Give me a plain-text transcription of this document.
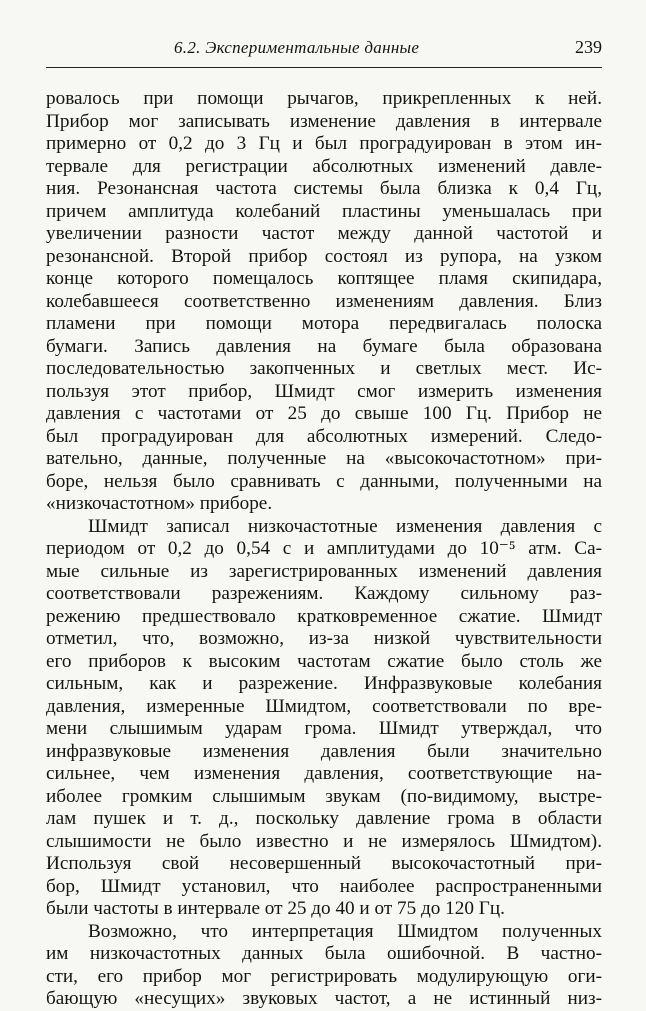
6.2. Экспериментальные данные	239
ровалось при помощи рычагов, прикрепленных к ней.
Прибор мог записывать изменение давления в интервале
примерно от 0,2 до 3 Гц и был проградуирован в этом ин-
тервале для регистрации абсолютных изменений давле-
ния. Резонансная частота системы была близка к 0,4 Гц,
причем амплитуда колебаний пластины уменьшалась при
увеличении разности частот между данной частотой и
резонансной. Второй прибор состоял из рупора, на узком
конце которого помещалось коптящее пламя скипидара,
колебавшееся соответственно изменениям давления. Близ
пламени при помощи мотора передвигалась полоска
бумаги. Запись давления на бумаге была образована
последовательностью закопченных и светлых мест. Ис-
пользуя этот прибор, Шмидт смог измерить изменения
давления с частотами от 25 до свыше 100 Гц. Прибор не
был проградуирован для абсолютных измерений. Следо-
вательно, данные, полученные на «высокочастотном» при-
боре, нельзя было сравнивать с данными, полученными на
«низкочастотном» приборе.
Шмидт записал низкочастотные изменения давления с
периодом от 0,2 до 0,54 с и амплитудами до 10⁻⁵ атм. Са-
мые сильные из зарегистрированных изменений давления
соответствовали разрежениям. Каждому сильному раз-
режению предшествовало кратковременное сжатие. Шмидт
отметил, что, возможно, из-за низкой чувствительности
его приборов к высоким частотам сжатие было столь же
сильным, как и разрежение. Инфразвуковые колебания
давления, измеренные Шмидтом, соответствовали по вре-
мени слышимым ударам грома. Шмидт утверждал, что
инфразвуковые изменения давления были значительно
сильнее, чем изменения давления, соответствующие на-
иболее громким слышимым звукам (по-видимому, выстре-
лам пушек и т. д., поскольку давление грома в области
слышимости не было известно и не измерялось Шмидтом).
Используя свой несовершенный высокочастотный при-
бор, Шмидт установил, что наиболее распространенными
были частоты в интервале от 25 до 40 и от 75 до 120 Гц.
Возможно, что интерпретация Шмидтом полученных
им низкочастотных данных была ошибочной. В частно-
сти, его прибор мог регистрировать модулирующую оги-
бающую «несущих» звуковых частот, а не истинный низ-
